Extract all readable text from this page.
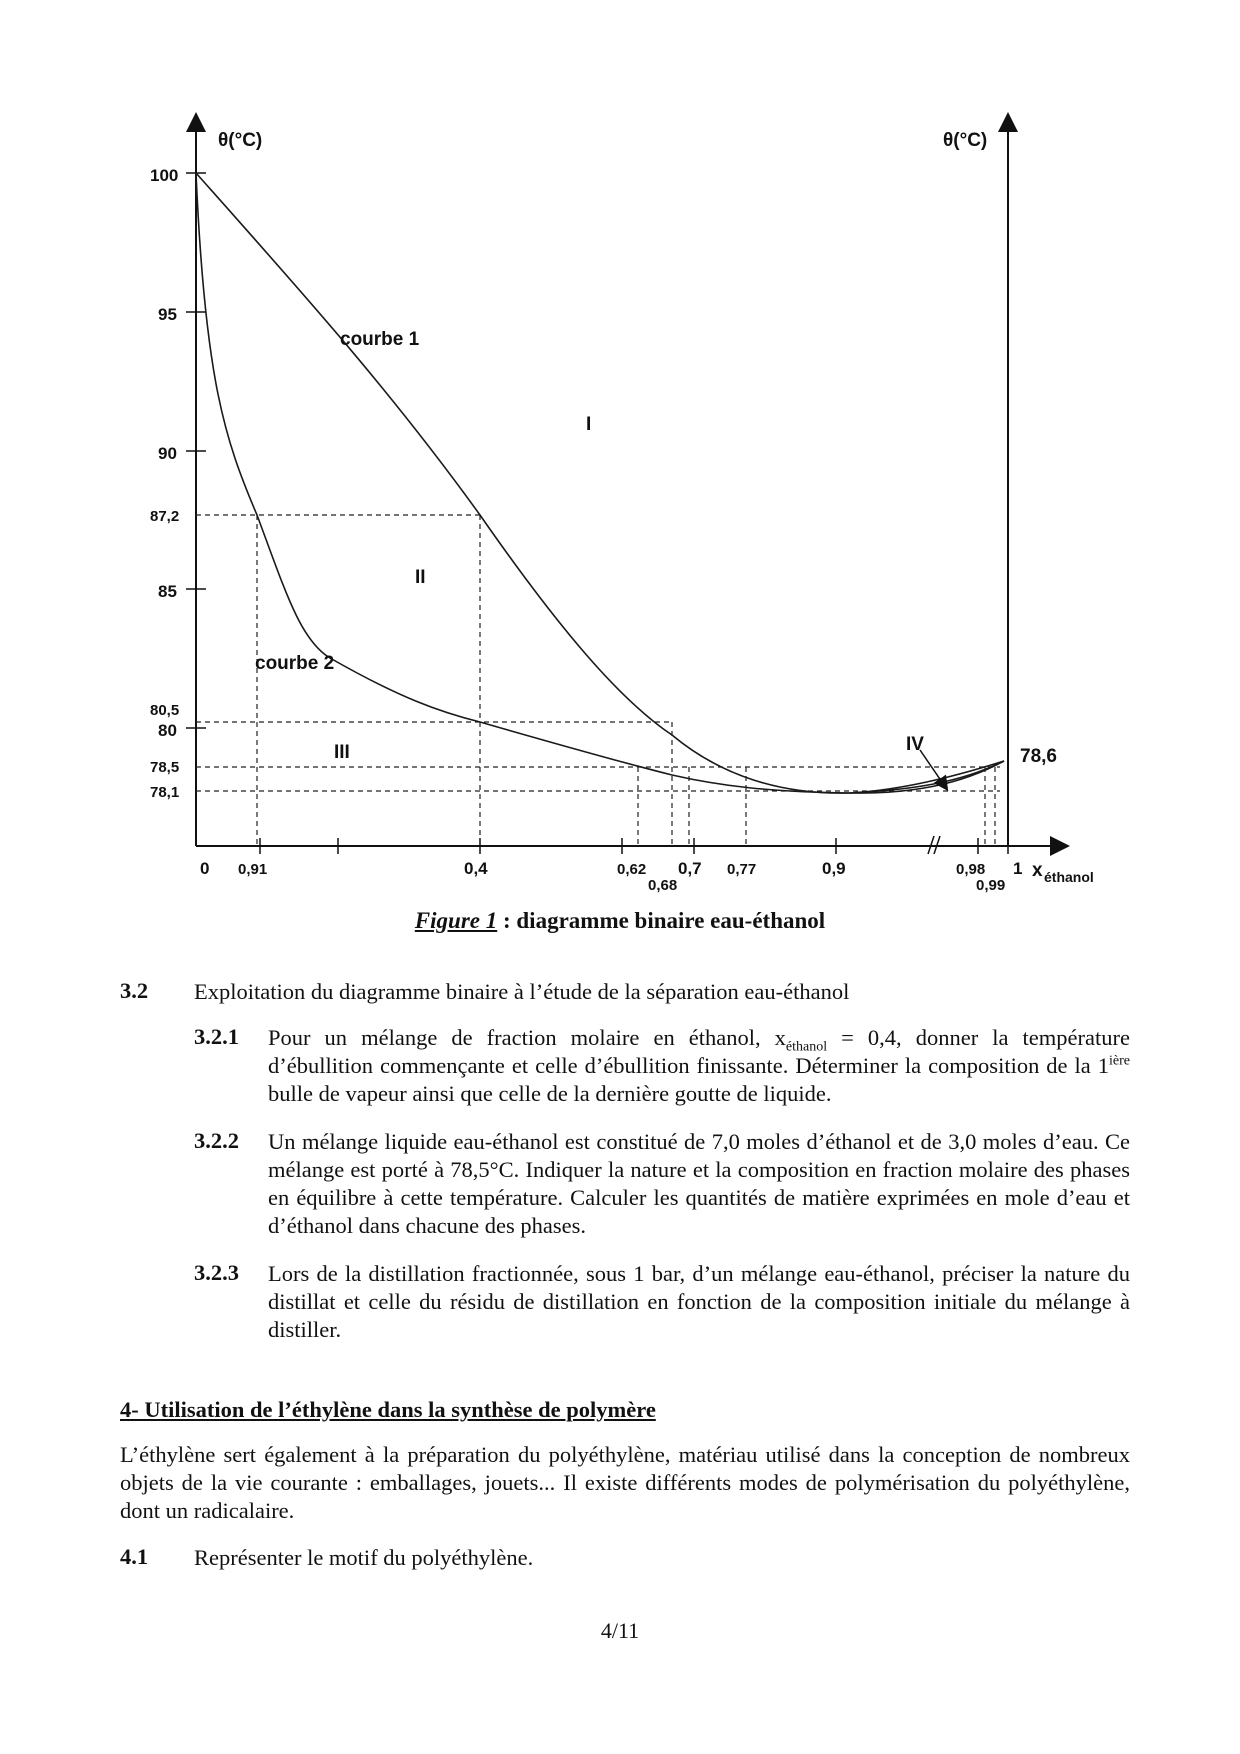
θ(°C)	θ(°C)
100
95
90
85
80
87,2
80,5
78,5
78,1
78,6
0 0,91	0,4	0,62
0,68
0,7 0,77	0,9	0,98
0,99
1 x éthanol
courbe 1
courbe 2
I
II
III	IV
Figure 1 : diagramme binaire eau-éthanol
3.2 Exploitation du diagramme binaire à l’étude de la séparation eau-éthanol
3.2.1 Pour un mélange de fraction molaire en éthanol, $x_{éthanol} = 0,4$, donner la température d’ébullition commençante et celle d’ébullition finissante. Déterminer la composition de la $1^{ière}$ bulle de vapeur ainsi que celle de la dernière goutte de liquide.
3.2.2 Un mélange liquide eau-éthanol est constitué de 7,0 moles d’éthanol et de 3,0 moles d’eau. Ce mélange est porté à 78,5°C. Indiquer la nature et la composition en fraction molaire des phases en équilibre à cette température. Calculer les quantités de matière exprimées en mole d’eau et d’éthanol dans chacune des phases.
3.2.3 Lors de la distillation fractionnée, sous 1 bar, d’un mélange eau-éthanol, préciser la nature du distillat et celle du résidu de distillation en fonction de la composition initiale du mélange à distiller.
4- Utilisation de l’éthylène dans la synthèse de polymère
L’éthylène sert également à la préparation du polyéthylène, matériau utilisé dans la conception de nombreux objets de la vie courante : emballages, jouets... Il existe différents modes de polymérisation du polyéthylène, dont un radicalaire.
4.1 Représenter le motif du polyéthylène.
4/11
